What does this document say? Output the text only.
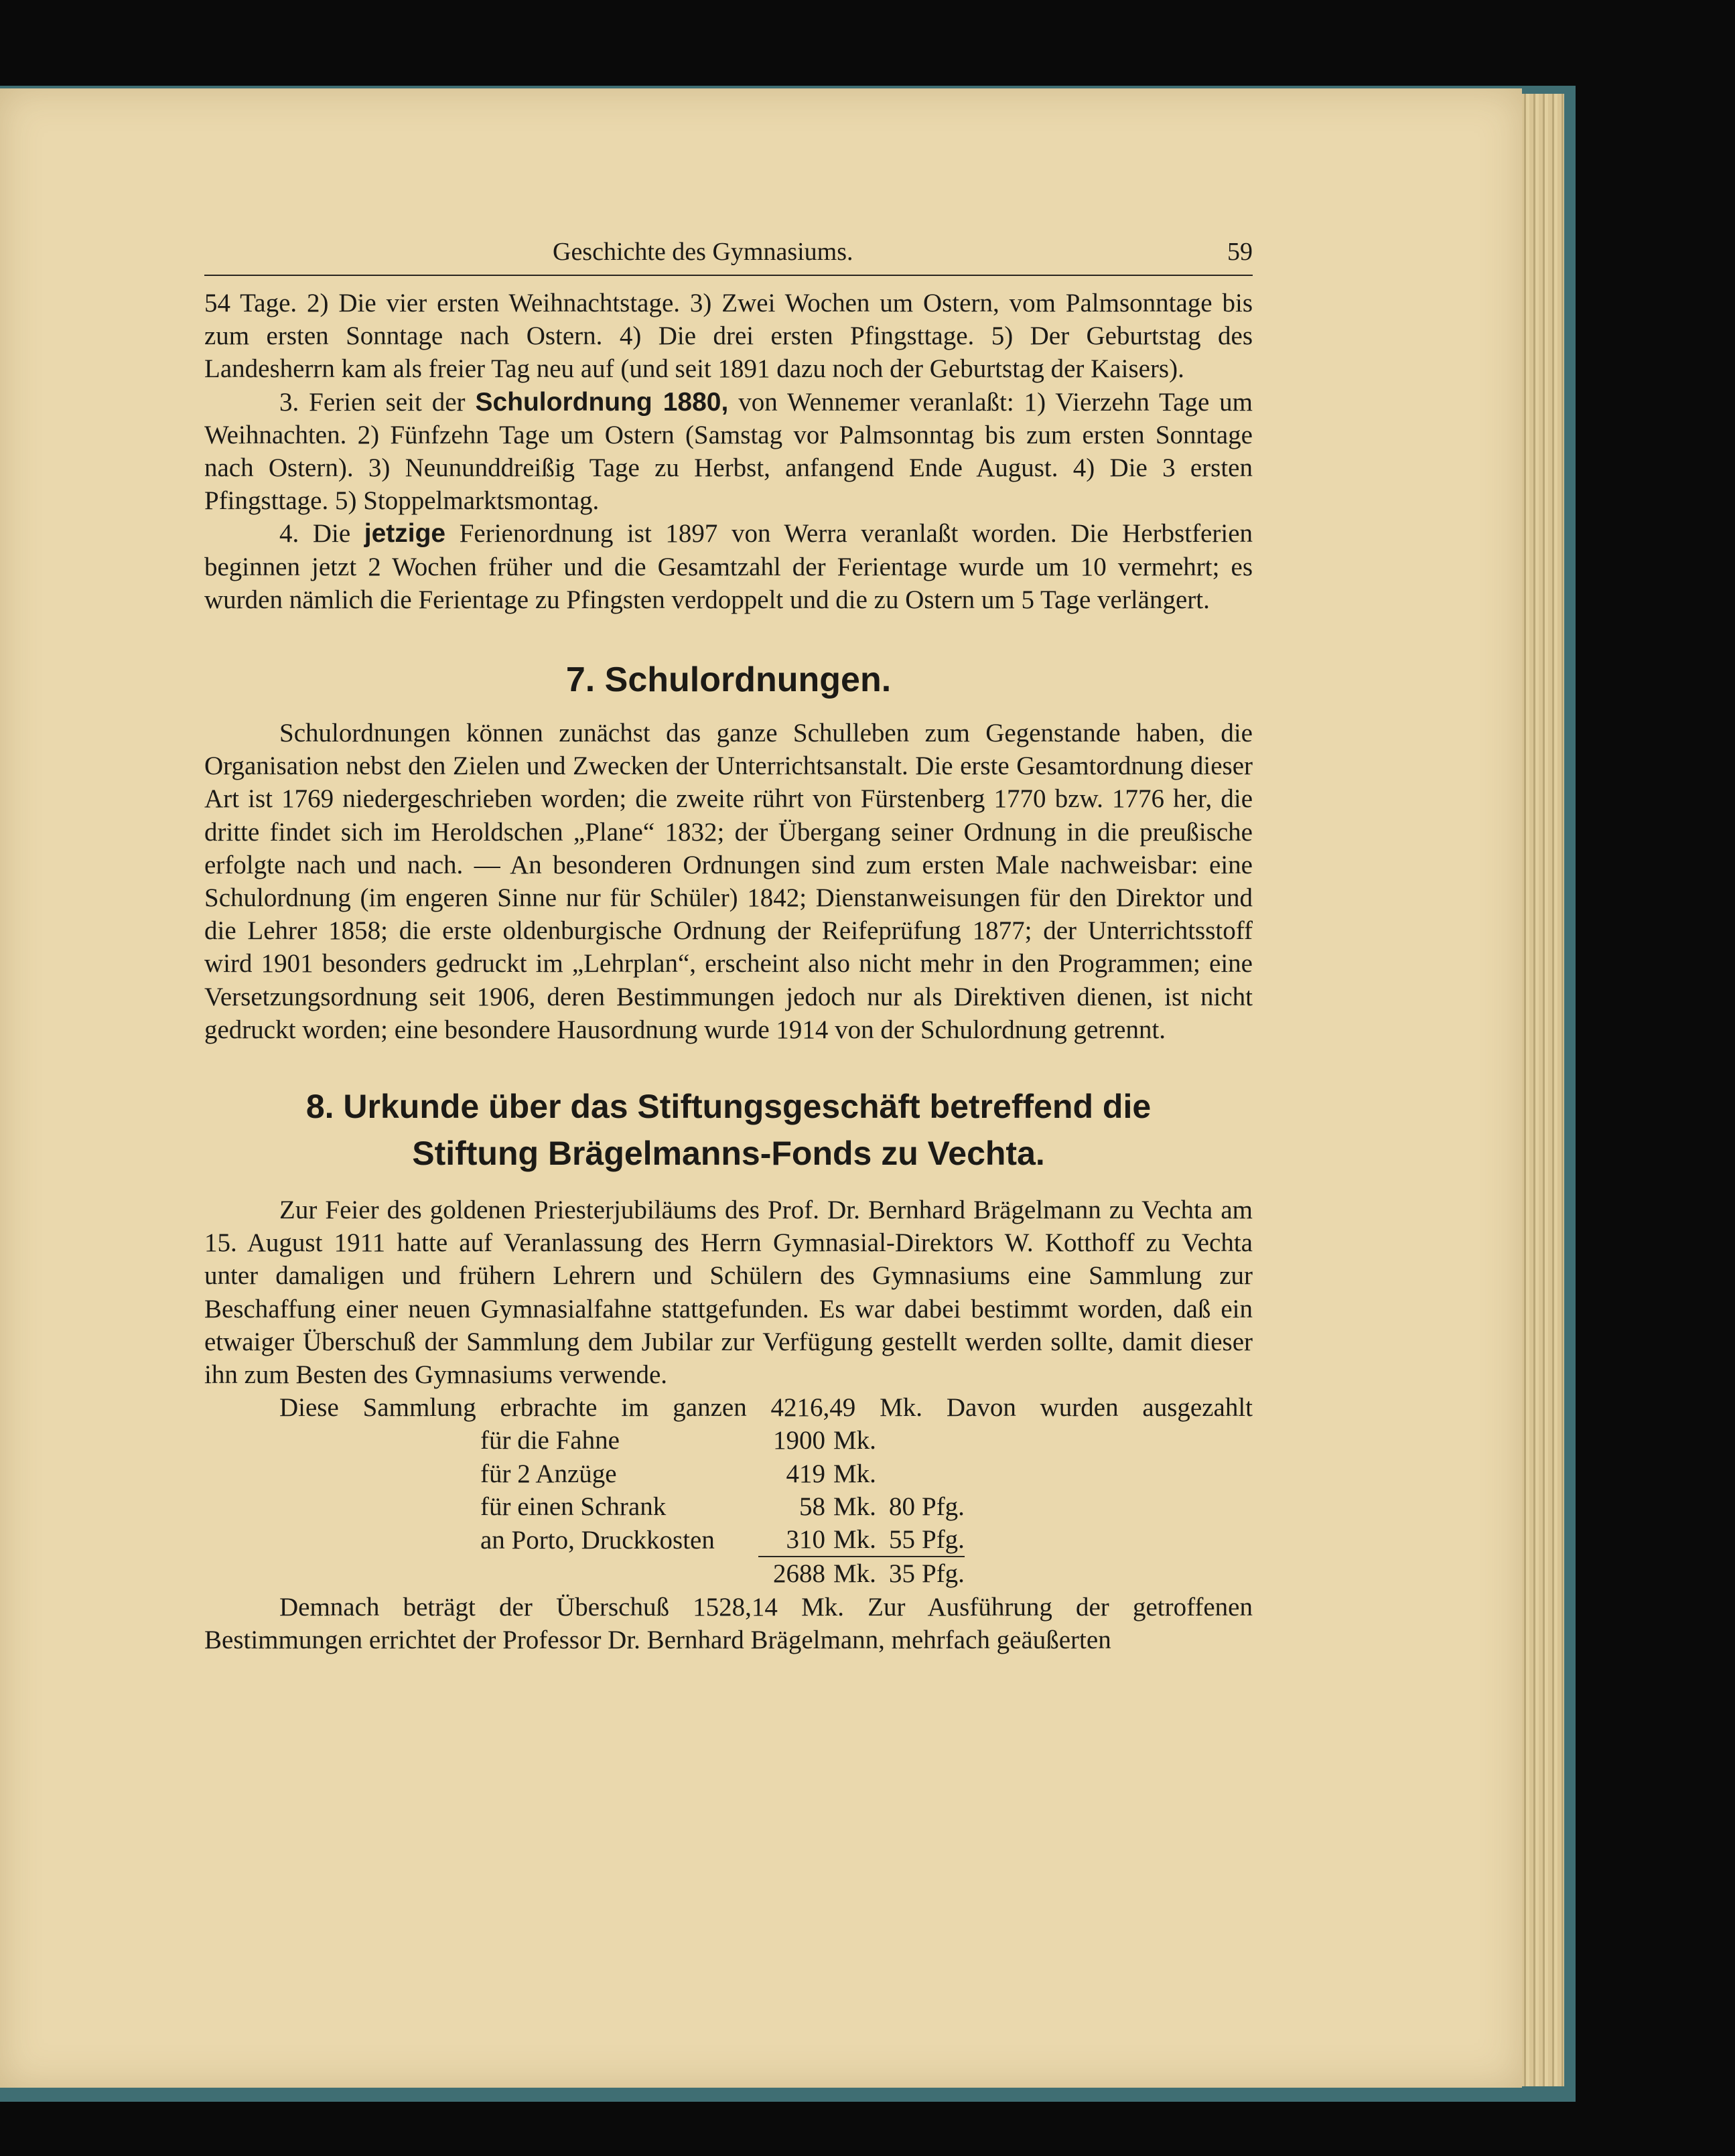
Geschichte des Gymnasiums.	59

54 Tage. 2) Die vier ersten Weihnachtstage. 3) Zwei Wochen um Ostern, vom Palmsonntage bis zum ersten Sonntage nach Ostern. 4) Die drei ersten Pfingsttage. 5) Der Geburtstag des Landesherrn kam als freier Tag neu auf (und seit 1891 dazu noch der Geburtstag der Kaisers).

3. Ferien seit der Schulordnung 1880, von Wennemer veranlaßt: 1) Vierzehn Tage um Weihnachten. 2) Fünfzehn Tage um Ostern (Samstag vor Palmsonntag bis zum ersten Sonntage nach Ostern). 3) Neununddreißig Tage zu Herbst, anfangend Ende August. 4) Die 3 ersten Pfingsttage. 5) Stoppelmarktsmontag.

4. Die jetzige Ferienordnung ist 1897 von Werra veranlaßt worden. Die Herbstferien beginnen jetzt 2 Wochen früher und die Gesamtzahl der Ferientage wurde um 10 vermehrt; es wurden nämlich die Ferientage zu Pfingsten verdoppelt und die zu Ostern um 5 Tage verlängert.

7. Schulordnungen.

Schulordnungen können zunächst das ganze Schulleben zum Gegenstande haben, die Organisation nebst den Zielen und Zwecken der Unterrichtsanstalt. Die erste Gesamtordnung dieser Art ist 1769 niedergeschrieben worden; die zweite rührt von Fürstenberg 1770 bzw. 1776 her, die dritte findet sich im Heroldschen „Plane“ 1832; der Übergang seiner Ordnung in die preußische erfolgte nach und nach. — An besonderen Ordnungen sind zum ersten Male nachweisbar: eine Schulordnung (im engeren Sinne nur für Schüler) 1842; Dienstanweisungen für den Direktor und die Lehrer 1858; die erste oldenburgische Ordnung der Reifeprüfung 1877; der Unterrichtsstoff wird 1901 besonders gedruckt im „Lehrplan“, erscheint also nicht mehr in den Programmen; eine Versetzungsordnung seit 1906, deren Bestimmungen jedoch nur als Direktiven dienen, ist nicht gedruckt worden; eine besondere Hausordnung wurde 1914 von der Schulordnung getrennt.

8. Urkunde über das Stiftungsgeschäft betreffend die
Stiftung Brägelmanns-Fonds zu Vechta.

Zur Feier des goldenen Priesterjubiläums des Prof. Dr. Bernhard Brägelmann zu Vechta am 15. August 1911 hatte auf Veranlassung des Herrn Gymnasial-Direktors W. Kotthoff zu Vechta unter damaligen und frühern Lehrern und Schülern des Gymnasiums eine Sammlung zur Beschaffung einer neuen Gymnasialfahne stattgefunden. Es war dabei bestimmt worden, daß ein etwaiger Überschuß der Sammlung dem Jubilar zur Verfügung gestellt werden sollte, damit dieser ihn zum Besten des Gymnasiums verwende.

Diese Sammlung erbrachte im ganzen 4216,49 Mk. Davon wurden ausgezahlt

für die Fahne	1900	Mk.		
für 2 Anzüge	419	Mk.		
für einen Schrank	58	Mk.	80	Pfg.
an Porto, Druckkosten	310	Mk.	55	Pfg.
	2688	Mk.	35	Pfg.

Demnach beträgt der Überschuß 1528,14 Mk. Zur Ausführung der getroffenen Bestimmungen errichtet der Professor Dr. Bernhard Brägelmann, mehrfach geäußerten
